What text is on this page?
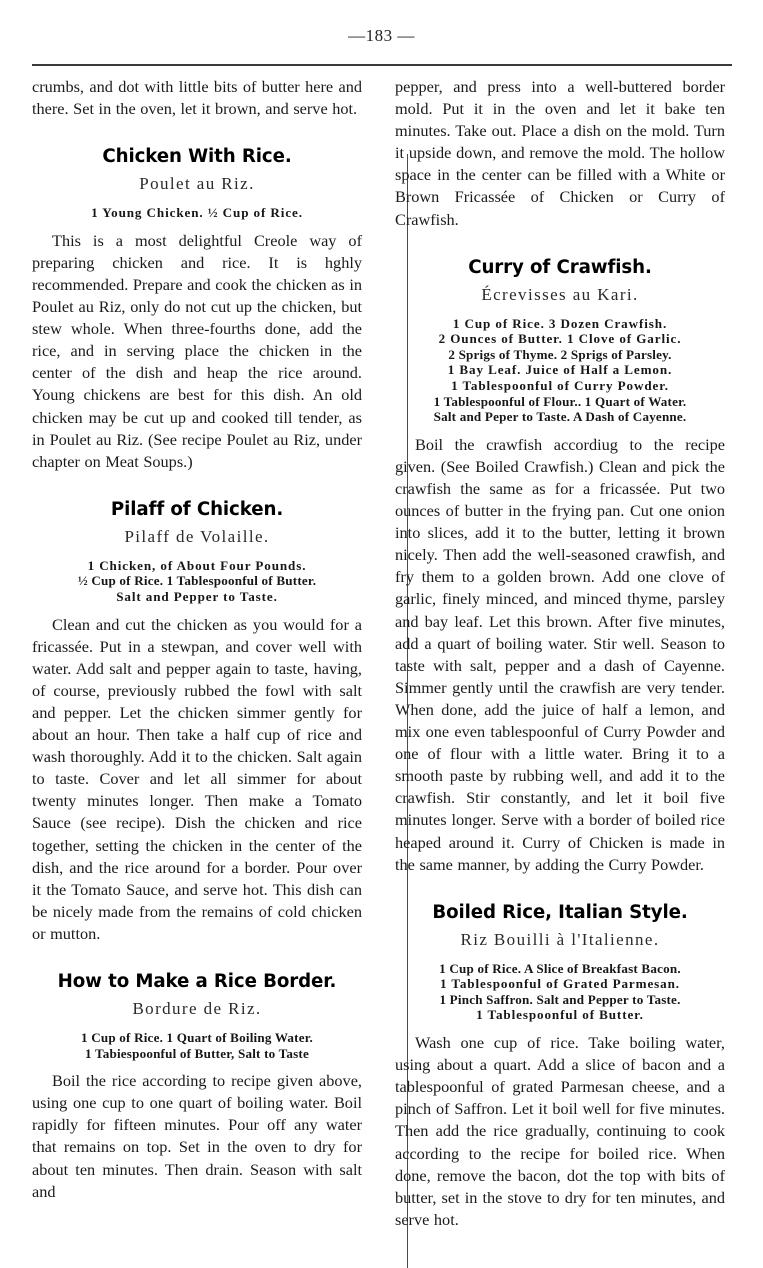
—183 —

crumbs, and dot with little bits of butter here and there. Set in the oven, let it brown, and serve hot.

Chicken With Rice.
Poulet au Riz.
1 Young Chicken. ½ Cup of Rice.

This is a most delightful Creole way of preparing chicken and rice. It is hghly recommended. Prepare and cook the chicken as in Poulet au Riz, only do not cut up the chicken, but stew whole. When three-fourths done, add the rice, and in serving place the chicken in the center of the dish and heap the rice around. Young chickens are best for this dish. An old chicken may be cut up and cooked till tender, as in Poulet au Riz. (See recipe Poulet au Riz, under chapter on Meat Soups.)

Pilaff of Chicken.
Pilaff de Volaille.
1 Chicken, of About Four Pounds.
½ Cup of Rice. 1 Tablespoonful of Butter.
Salt and Pepper to Taste.

Clean and cut the chicken as you would for a fricassée. Put in a stewpan, and cover well with water. Add salt and pepper again to taste, having, of course, previously rubbed the fowl with salt and pepper. Let the chicken simmer gently for about an hour. Then take a half cup of rice and wash thoroughly. Add it to the chicken. Salt again to taste. Cover and let all simmer for about twenty minutes longer. Then make a Tomato Sauce (see recipe). Dish the chicken and rice together, setting the chicken in the center of the dish, and the rice around for a border. Pour over it the Tomato Sauce, and serve hot. This dish can be nicely made from the remains of cold chicken or mutton.

How to Make a Rice Border.
Bordure de Riz.
1 Cup of Rice. 1 Quart of Boiling Water.
1 Tabiespoonful of Butter, Salt to Taste

Boil the rice according to recipe given above, using one cup to one quart of boiling water. Boil rapidly for fifteen minutes. Pour off any water that remains on top. Set in the oven to dry for about ten minutes. Then drain. Season with salt and

pepper, and press into a well-buttered border mold. Put it in the oven and let it bake ten minutes. Take out. Place a dish on the mold. Turn it upside down, and remove the mold. The hollow space in the center can be filled with a White or Brown Fricassée of Chicken or Curry of Crawfish.

Curry of Crawfish.
Écrevisses au Kari.
1 Cup of Rice. 3 Dozen Crawfish.
2 Ounces of Butter. 1 Clove of Garlic.
2 Sprigs of Thyme. 2 Sprigs of Parsley.
1 Bay Leaf. Juice of Half a Lemon.
1 Tablespoonful of Curry Powder.
1 Tablespoonful of Flour.. 1 Quart of Water.
Salt and Peper to Taste. A Dash of Cayenne.

Boil the crawfish accordiug to the recipe given. (See Boiled Crawfish.) Clean and pick the crawfish the same as for a fricassée. Put two ounces of butter in the frying pan. Cut one onion into slices, add it to the butter, letting it brown nicely. Then add the well-seasoned crawfish, and fry them to a golden brown. Add one clove of garlic, finely minced, and minced thyme, parsley and bay leaf. Let this brown. After five minutes, add a quart of boiling water. Stir well. Season to taste with salt, pepper and a dash of Cayenne. Simmer gently until the crawfish are very tender. When done, add the juice of half a lemon, and mix one even tablespoonful of Curry Powder and one of flour with a little water. Bring it to a smooth paste by rubbing well, and add it to the crawfish. Stir constantly, and let it boil five minutes longer. Serve with a border of boiled rice heaped around it. Curry of Chicken is made in the same manner, by adding the Curry Powder.

Boiled Rice, Italian Style.
Riz Bouilli à l'Italienne.
1 Cup of Rice. A Slice of Breakfast Bacon.
1 Tablespoonful of Grated Parmesan.
1 Pinch Saffron. Salt and Pepper to Taste.
1 Tablespoonful of Butter.

Wash one cup of rice. Take boiling water, using about a quart. Add a slice of bacon and a tablespoonful of grated Parmesan cheese, and a pinch of Saffron. Let it boil well for five minutes. Then add the rice gradually, continuing to cook according to the recipe for boiled rice. When done, remove the bacon, dot the top with bits of butter, set in the stove to dry for ten minutes, and serve hot.
